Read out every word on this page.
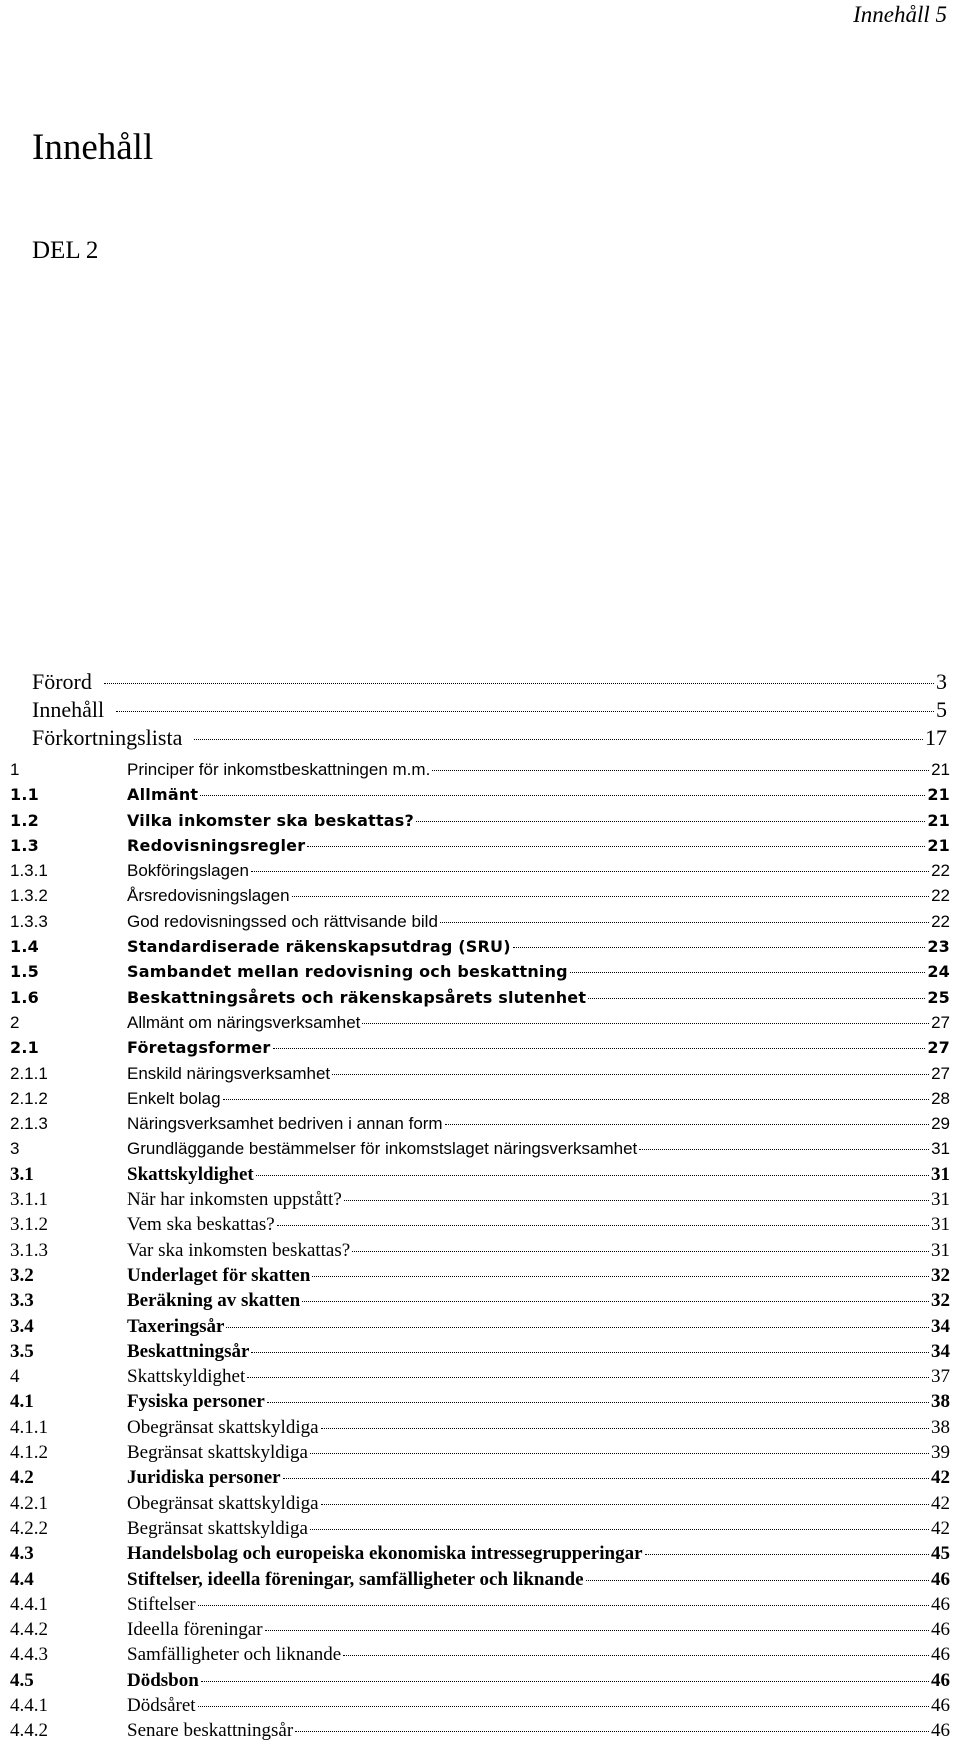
Innehåll 5
Innehåll
DEL 2
Förord	3
Innehåll	5
Förkortningslista	17
1	Principer för inkomstbeskattningen m.m.	21
1.1	Allmänt	21
1.2	Vilka inkomster ska beskattas?	21
1.3	Redovisningsregler	21
1.3.1	Bokföringslagen	22
1.3.2	Årsredovisningslagen	22
1.3.3	God redovisningssed och rättvisande bild	22
1.4	Standardiserade räkenskapsutdrag (SRU)	23
1.5	Sambandet mellan redovisning och beskattning	24
1.6	Beskattningsårets och räkenskapsårets slutenhet	25
2	Allmänt om näringsverksamhet	27
2.1	Företagsformer	27
2.1.1	Enskild näringsverksamhet	27
2.1.2	Enkelt bolag	28
2.1.3	Näringsverksamhet bedriven i annan form	29
3	Grundläggande bestämmelser för inkomstslaget näringsverksamhet	31
3.1	Skattskyldighet	31
3.1.1	När har inkomsten uppstått?	31
3.1.2	Vem ska beskattas?	31
3.1.3	Var ska inkomsten beskattas?	31
3.2	Underlaget för skatten	32
3.3	Beräkning av skatten	32
3.4	Taxeringsår	34
3.5	Beskattningsår	34
4	Skattskyldighet	37
4.1	Fysiska personer	38
4.1.1	Obegränsat skattskyldiga	38
4.1.2	Begränsat skattskyldiga	39
4.2	Juridiska personer	42
4.2.1	Obegränsat skattskyldiga	42
4.2.2	Begränsat skattskyldiga	42
4.3	Handelsbolag och europeiska ekonomiska intressegrupperingar	45
4.4	Stiftelser, ideella föreningar, samfälligheter och liknande	46
4.4.1	Stiftelser	46
4.4.2	Ideella föreningar	46
4.4.3	Samfälligheter och liknande	46
4.5	Dödsbon	46
4.4.1	Dödsåret	46
4.4.2	Senare beskattningsår	46
